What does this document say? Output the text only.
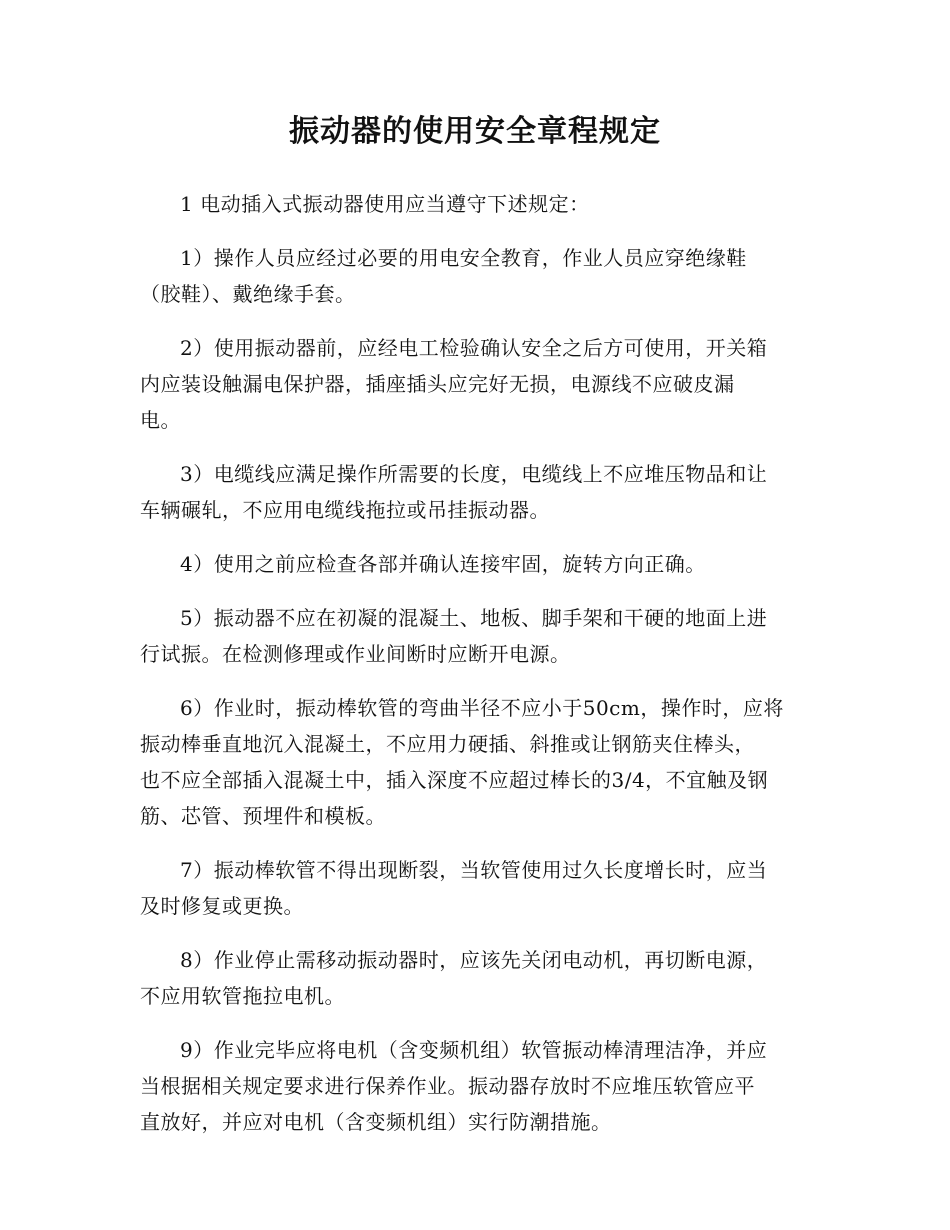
振动器的使用安全章程规定

1 电动插入式振动器使用应当遵守下述规定：

1）操作人员应经过必要的用电安全教育，作业人员应穿绝缘鞋
（胶鞋）、戴绝缘手套。

2）使用振动器前，应经电工检验确认安全之后方可使用，开关箱
内应装设触漏电保护器，插座插头应完好无损，电源线不应破皮漏
电。

3）电缆线应满足操作所需要的长度，电缆线上不应堆压物品和让
车辆碾轧，不应用电缆线拖拉或吊挂振动器。

4）使用之前应检查各部并确认连接牢固，旋转方向正确。

5）振动器不应在初凝的混凝土、地板、脚手架和干硬的地面上进
行试振。在检测修理或作业间断时应断开电源。

6）作业时，振动棒软管的弯曲半径不应小于50cm，操作时，应将
振动棒垂直地沉入混凝土，不应用力硬插、斜推或让钢筋夹住棒头，
也不应全部插入混凝土中，插入深度不应超过棒长的3/4，不宜触及钢
筋、芯管、预埋件和模板。

7）振动棒软管不得出现断裂，当软管使用过久长度增长时，应当
及时修复或更换。

8）作业停止需移动振动器时，应该先关闭电动机，再切断电源，
不应用软管拖拉电机。

9）作业完毕应将电机（含变频机组）软管振动棒清理洁净，并应
当根据相关规定要求进行保养作业。振动器存放时不应堆压软管应平
直放好，并应对电机（含变频机组）实行防潮措施。
